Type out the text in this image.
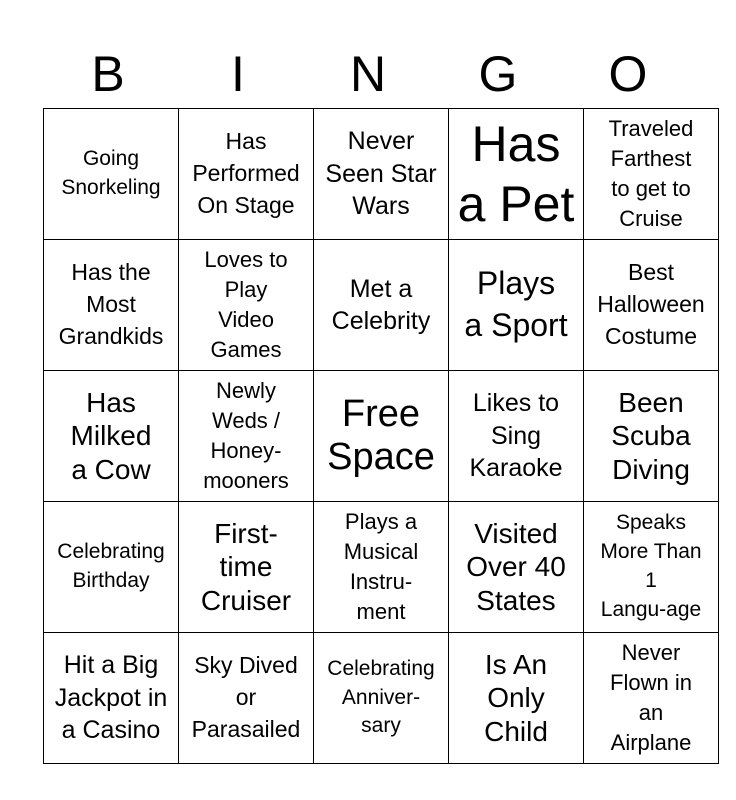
B	I	N	G	O
Going
Snorkeling	Has
Performed
On Stage	Never
Seen Star
Wars	Has
a Pet	Traveled
Farthest
to get to
Cruise

Has the
Most
Grandkids	Loves to
Play
Video
Games	Met a
Celebrity	Plays
a Sport	Best
Halloween
Costume

Has
Milked
a Cow	Newly
Weds /
Honey-
mooners	Free
Space	Likes to
Sing
Karaoke	Been
Scuba
Diving

Celebrating
Birthday	First-
time
Cruiser	Plays a
Musical
Instru-
ment	Visited
Over 40
States	Speaks
More Than
1
Langu-age

Hit a Big
Jackpot in
a Casino	Sky Dived
or
Parasailed	Celebrating
Anniver-
sary	Is An
Only
Child	Never
Flown in
an
Airplane
